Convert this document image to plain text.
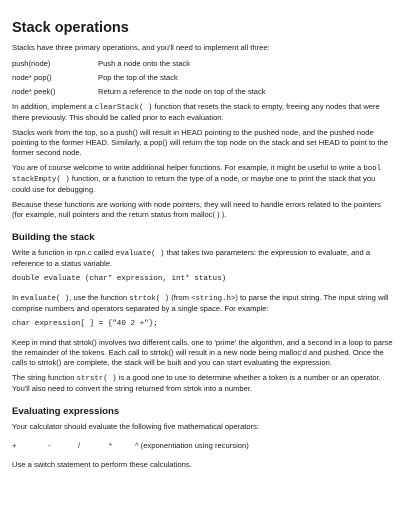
Stack operations

Stacks have three primary operations, and you'll need to implement all three:

push(node)	Push a node onto the stack
node* pop()	Pop the top of the stack
node* peek()	Return a reference to the node on top of the stack

In addition, implement a clearStack( ) function that resets the stack to empty, freeing any nodes that were there previously. This should be called prior to each evaluation.

Stacks work from the top, so a push() will result in HEAD pointing to the pushed node, and the pushed node pointing to the former HEAD. Similarly, a pop() will return the top node on the stack and set HEAD to point to the former second node.

You are of course welcome to write additional helper functions. For example, it might be useful to write a bool stackEmpty( ) function, or a function to return the type of a node, or maybe one to print the stack that you could use for debugging.

Because these functions are working with node pointers, they will need to handle errors related to the pointers (for example, null pointers and the return status from malloc( ) ).

Building the stack

Write a function in rpn.c called evaluate( ) that takes two parameters: the expression to evaluate, and a reference to a status variable.

double evaluate (char* expression, int* status)

In evaluate( ), use the function strtok( ) (from <string.h>) to parse the input string. The input string will comprise numbers and operators separated by a single space. For example:

char expression[ ] = {"40 2 +"};

Keep in mind that strtok() involves two different calls, one to 'prime' the algorithm, and a second in a loop to parse the remainder of the tokens. Each call to strtok() will result in a new node being malloc'd and pushed. Once the calls to strtok() are complete, the stack will be built and you can start evaluating the expression.

The string function strstr( ) is a good one to use to determine whether a token is a number or an operator. You'll also need to convert the string returned from strtok into a number.

Evaluating expressions

Your calculator should evaluate the following five mathematical operators:

+	-	/	*	^ (exponentiation using recursion)

Use a switch statement to perform these calculations.
